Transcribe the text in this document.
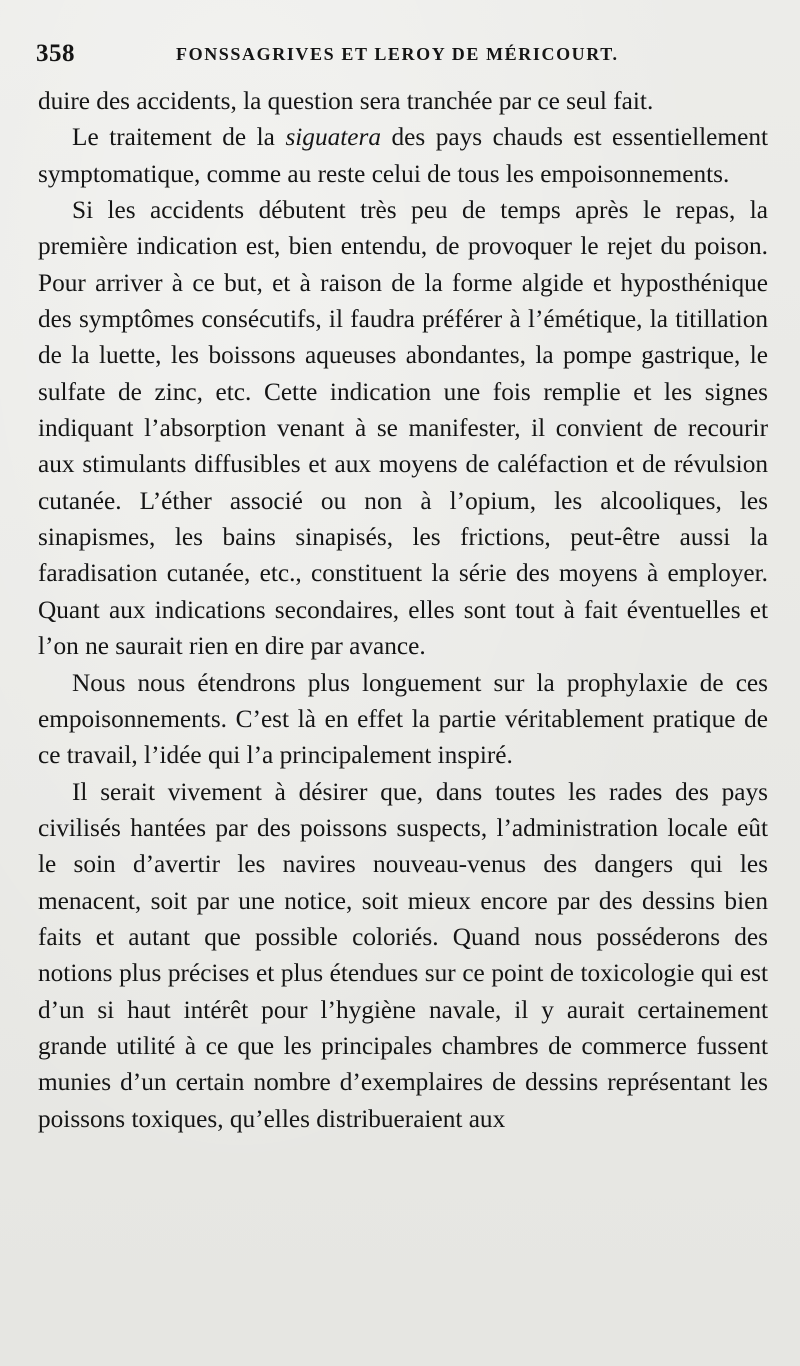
358	FONSSAGRIVES ET LEROY DE MÉRICOURT.

duire des accidents, la question sera tranchée par ce seul fait.

Le traitement de la siguatera des pays chauds est essentiellement symptomatique, comme au reste celui de tous les empoisonnements.

Si les accidents débutent très peu de temps après le repas, la première indication est, bien entendu, de provoquer le rejet du poison. Pour arriver à ce but, et à raison de la forme algide et hyposthénique des symptômes consécutifs, il faudra préférer à l’émétique, la titillation de la luette, les boissons aqueuses abondantes, la pompe gastrique, le sulfate de zinc, etc. Cette indication une fois remplie et les signes indiquant l’absorption venant à se manifester, il convient de recourir aux stimulants diffusibles et aux moyens de caléfaction et de révulsion cutanée. L’éther associé ou non à l’opium, les alcooliques, les sinapismes, les bains sinapisés, les frictions, peut-être aussi la faradisation cutanée, etc., constituent la série des moyens à employer. Quant aux indications secondaires, elles sont tout à fait éventuelles et l’on ne saurait rien en dire par avance.

Nous nous étendrons plus longuement sur la prophylaxie de ces empoisonnements. C’est là en effet la partie véritablement pratique de ce travail, l’idée qui l’a principalement inspiré.

Il serait vivement à désirer que, dans toutes les rades des pays civilisés hantées par des poissons suspects, l’administration locale eût le soin d’avertir les navires nouveau-venus des dangers qui les menacent, soit par une notice, soit mieux encore par des dessins bien faits et autant que possible coloriés. Quand nous posséderons des notions plus précises et plus étendues sur ce point de toxicologie qui est d’un si haut intérêt pour l’hygiène navale, il y aurait certainement grande utilité à ce que les principales chambres de commerce fussent munies d’un certain nombre d’exemplaires de dessins représentant les poissons toxiques, qu’elles distribueraient aux
